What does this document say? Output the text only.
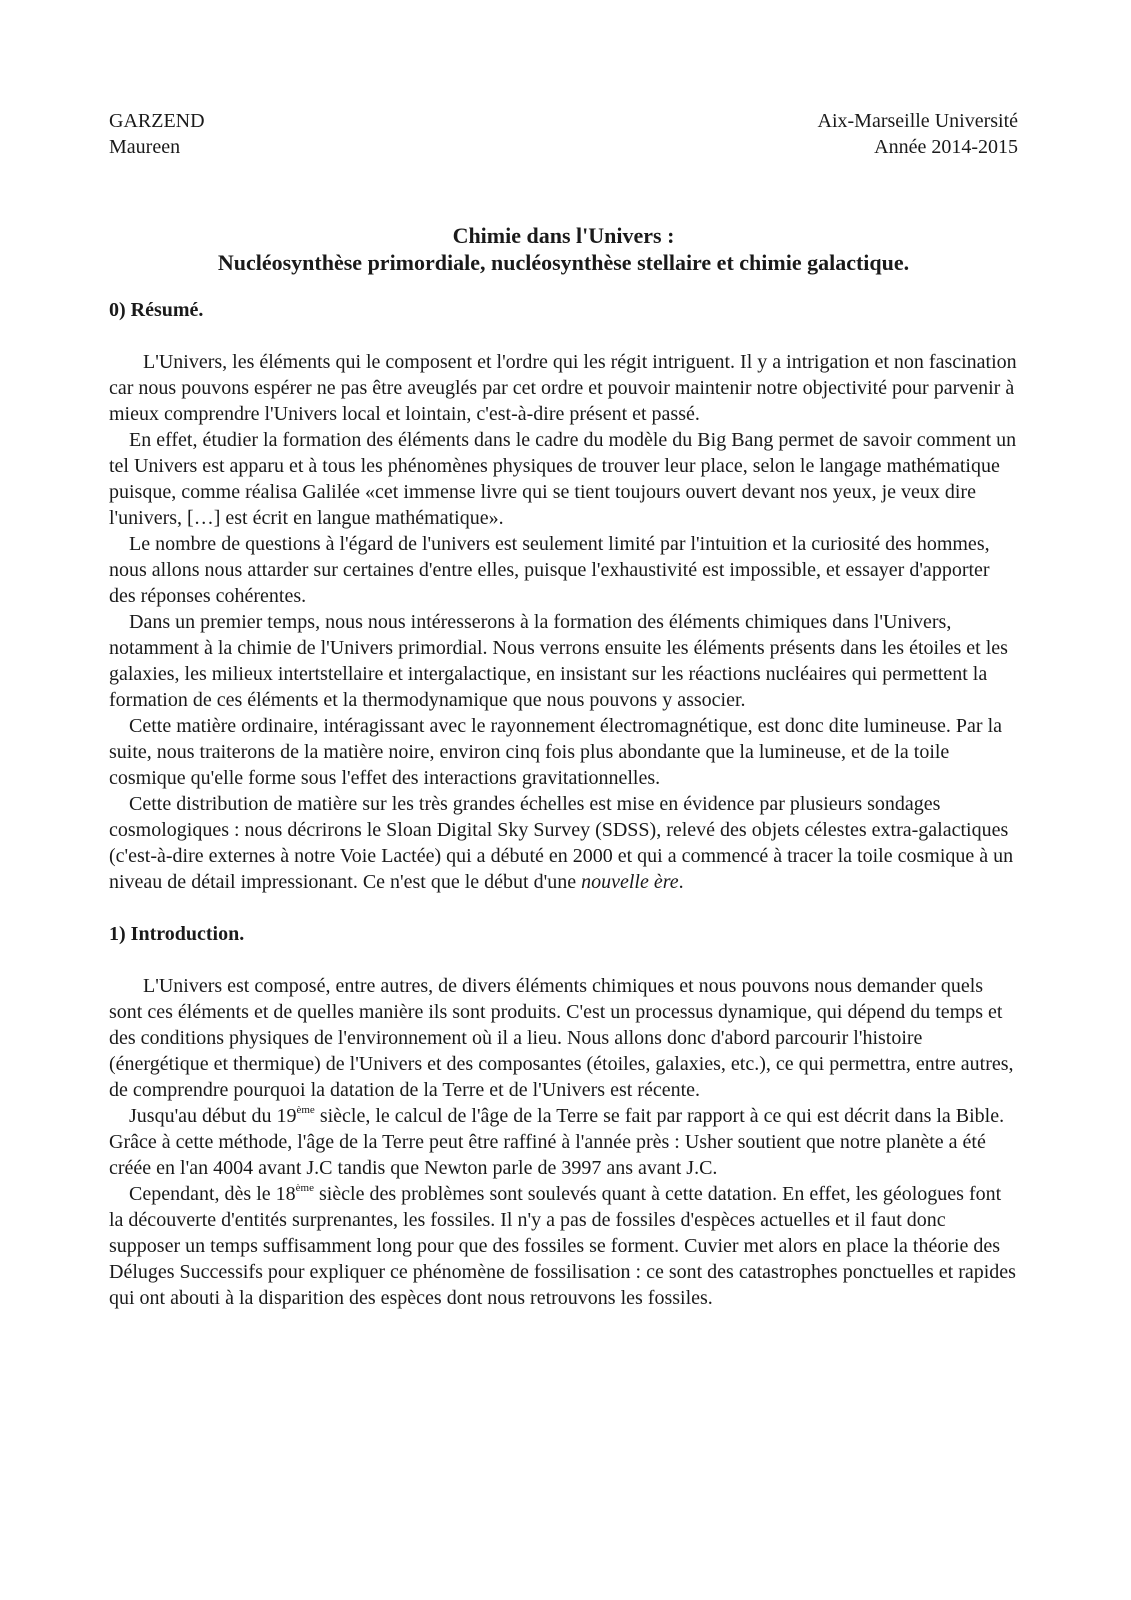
GARZEND
Maureen
Aix-Marseille Université
Année 2014-2015
Chimie dans l'Univers :
Nucléosynthèse primordiale, nucléosynthèse stellaire et chimie galactique.
0) Résumé.

L'Univers, les éléments qui le composent et l'ordre qui les régit intriguent. Il y a intrigation et non fascination car nous pouvons espérer ne pas être aveuglés par cet ordre et pouvoir maintenir notre objectivité pour parvenir à mieux comprendre l'Univers local et lointain, c'est-à-dire présent et passé.

En effet, étudier la formation des éléments dans le cadre du modèle du Big Bang permet de savoir comment un tel Univers est apparu et à tous les phénomènes physiques de trouver leur place, selon le langage mathématique puisque, comme réalisa Galilée «cet immense livre qui se tient toujours ouvert devant nos yeux, je veux dire l'univers, […] est écrit en langue mathématique».

Le nombre de questions à l'égard de l'univers est seulement limité par l'intuition et la curiosité des hommes, nous allons nous attarder sur certaines d'entre elles, puisque l'exhaustivité est impossible, et essayer d'apporter des réponses cohérentes.

Dans un premier temps, nous nous intéresserons à la formation des éléments chimiques dans l'Univers, notamment à la chimie de l'Univers primordial. Nous verrons ensuite les éléments présents dans les étoiles et les galaxies, les milieux intertstellaire et intergalactique, en insistant sur les réactions nucléaires qui permettent la formation de ces éléments et la thermodynamique que nous pouvons y associer.

Cette matière ordinaire, intéragissant avec le rayonnement électromagnétique, est donc dite lumineuse. Par la suite, nous traiterons de la matière noire, environ cinq fois plus abondante que la lumineuse, et de la toile cosmique qu'elle forme sous l'effet des interactions gravitationnelles.

Cette distribution de matière sur les très grandes échelles est mise en évidence par plusieurs sondages cosmologiques : nous décrirons le Sloan Digital Sky Survey (SDSS), relevé des objets célestes extra-galactiques (c'est-à-dire externes à notre Voie Lactée) qui a débuté en 2000 et qui a commencé à tracer la toile cosmique à un niveau de détail impressionant. Ce n'est que le début d'une nouvelle ère.

1) Introduction.

L'Univers est composé, entre autres, de divers éléments chimiques et nous pouvons nous demander quels sont ces éléments et de quelles manière ils sont produits. C'est un processus dynamique, qui dépend du temps et des conditions physiques de l'environnement où il a lieu. Nous allons donc d'abord parcourir l'histoire (énergétique et thermique) de l'Univers et des composantes (étoiles, galaxies, etc.), ce qui permettra, entre autres, de comprendre pourquoi la datation de la Terre et de l'Univers est récente.

Jusqu'au début du 19ème siècle, le calcul de l'âge de la Terre se fait par rapport à ce qui est décrit dans la Bible. Grâce à cette méthode, l'âge de la Terre peut être raffiné à l'année près : Usher soutient que notre planète a été créée en l'an 4004 avant J.C tandis que Newton parle de 3997 ans avant J.C.

Cependant, dès le 18ème siècle des problèmes sont soulevés quant à cette datation. En effet, les géologues font la découverte d'entités surprenantes, les fossiles. Il n'y a pas de fossiles d'espèces actuelles et il faut donc supposer un temps suffisamment long pour que des fossiles se forment. Cuvier met alors en place la théorie des Déluges Successifs pour expliquer ce phénomène de fossilisation : ce sont des catastrophes ponctuelles et rapides qui ont abouti à la disparition des espèces dont nous retrouvons les fossiles.
